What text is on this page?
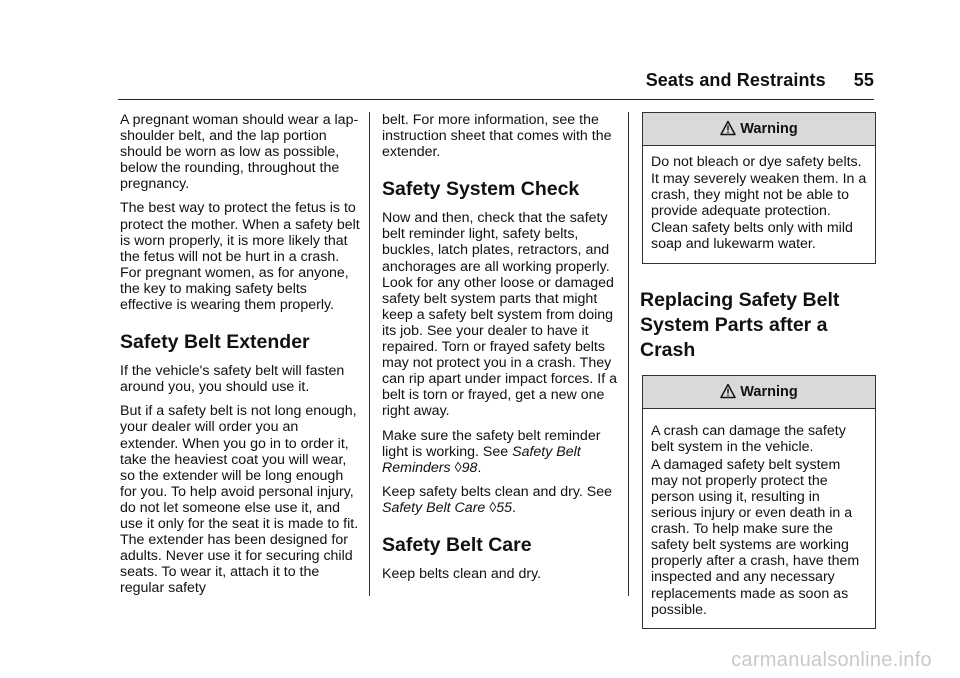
Seats and Restraints 55

A pregnant woman should wear a lap-shoulder belt, and the lap portion should be worn as low as possible, below the rounding, throughout the pregnancy.

The best way to protect the fetus is to protect the mother. When a safety belt is worn properly, it is more likely that the fetus will not be hurt in a crash. For pregnant women, as for anyone, the key to making safety belts effective is wearing them properly.

Safety Belt Extender

If the vehicle's safety belt will fasten around you, you should use it.

But if a safety belt is not long enough, your dealer will order you an extender. When you go in to order it, take the heaviest coat you will wear, so the extender will be long enough for you. To help avoid personal injury, do not let someone else use it, and use it only for the seat it is made to fit. The extender has been designed for adults. Never use it for securing child seats. To wear it, attach it to the regular safety

belt. For more information, see the instruction sheet that comes with the extender.

Safety System Check

Now and then, check that the safety belt reminder light, safety belts, buckles, latch plates, retractors, and anchorages are all working properly. Look for any other loose or damaged safety belt system parts that might keep a safety belt system from doing its job. See your dealer to have it repaired. Torn or frayed safety belts may not protect you in a crash. They can rip apart under impact forces. If a belt is torn or frayed, get a new one right away.

Make sure the safety belt reminder light is working. See Safety Belt Reminders ◊98.

Keep safety belts clean and dry. See Safety Belt Care ◊55.

Safety Belt Care

Keep belts clean and dry.

Warning

Do not bleach or dye safety belts. It may severely weaken them. In a crash, they might not be able to provide adequate protection. Clean safety belts only with mild soap and lukewarm water.

Replacing Safety Belt System Parts after a Crash
Warning

A crash can damage the safety belt system in the vehicle.

A damaged safety belt system may not properly protect the person using it, resulting in serious injury or even death in a crash. To help make sure the safety belt systems are working properly after a crash, have them inspected and any necessary replacements made as soon as possible.

carmanualsonline.info
